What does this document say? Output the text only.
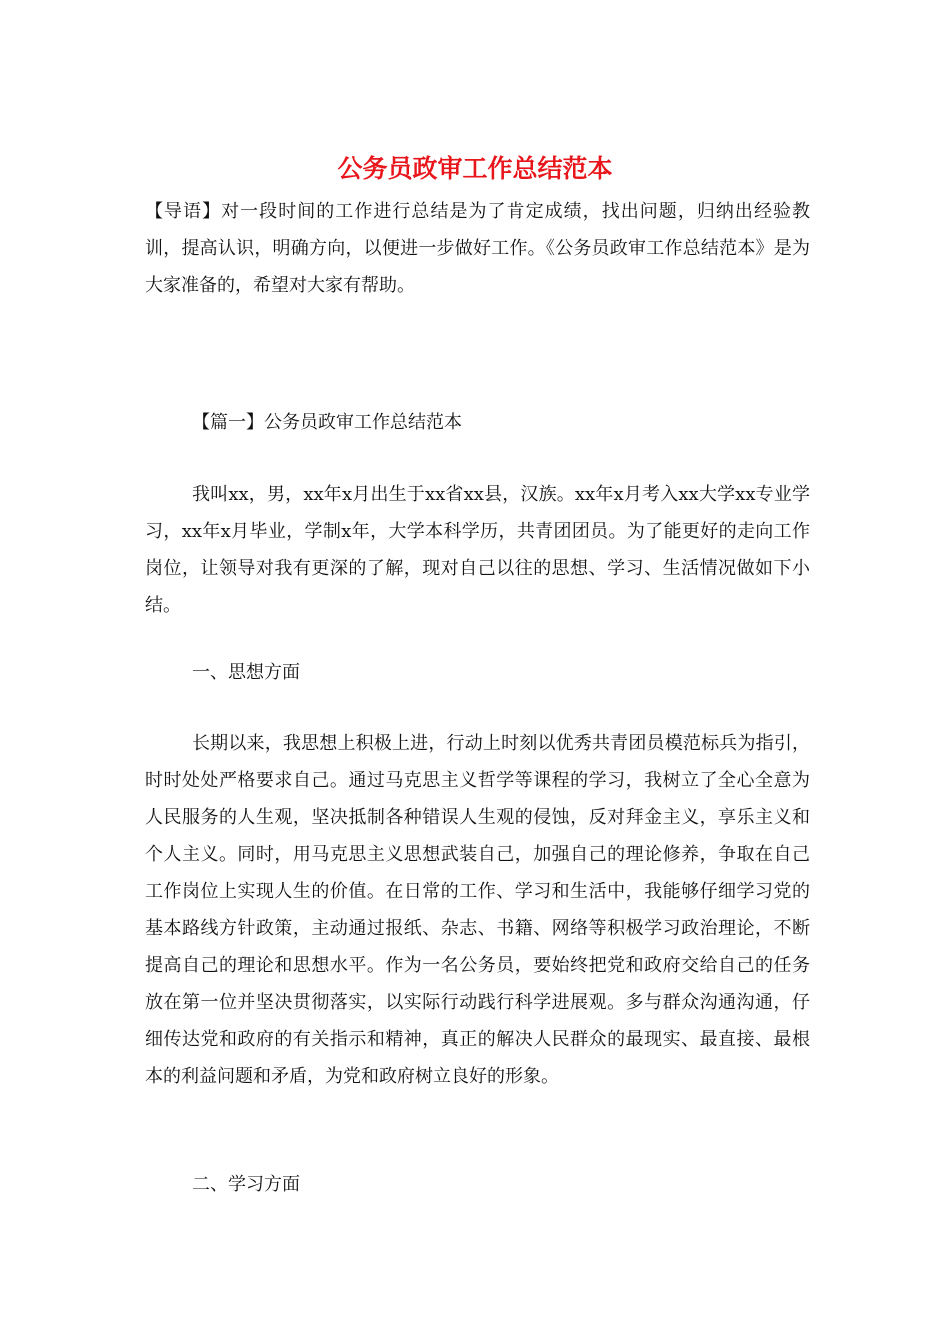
公务员政审工作总结范本

【导语】对一段时间的工作进行总结是为了肯定成绩，找出问题，归纳出经验教训，提高认识，明确方向，以便进一步做好工作。《公务员政审工作总结范本》是为大家准备的，希望对大家有帮助。

【篇一】公务员政审工作总结范本

我叫xx，男，xx年x月出生于xx省xx县，汉族。xx年x月考入xx大学xx专业学习，xx年x月毕业，学制x年，大学本科学历，共青团团员。为了能更好的走向工作岗位，让领导对我有更深的了解，现对自己以往的思想、学习、生活情况做如下小结。

一、思想方面

长期以来，我思想上积极上进，行动上时刻以优秀共青团员模范标兵为指引，时时处处严格要求自己。通过马克思主义哲学等课程的学习，我树立了全心全意为人民服务的人生观，坚决抵制各种错误人生观的侵蚀，反对拜金主义，享乐主义和个人主义。同时，用马克思主义思想武装自己，加强自己的理论修养，争取在自己工作岗位上实现人生的价值。在日常的工作、学习和生活中，我能够仔细学习党的基本路线方针政策，主动通过报纸、杂志、书籍、网络等积极学习政治理论，不断提高自己的理论和思想水平。作为一名公务员，要始终把党和政府交给自己的任务放在第一位并坚决贯彻落实，以实际行动践行科学进展观。多与群众沟通沟通，仔细传达党和政府的有关指示和精神，真正的解决人民群众的最现实、最直接、最根本的利益问题和矛盾，为党和政府树立良好的形象。

二、学习方面
